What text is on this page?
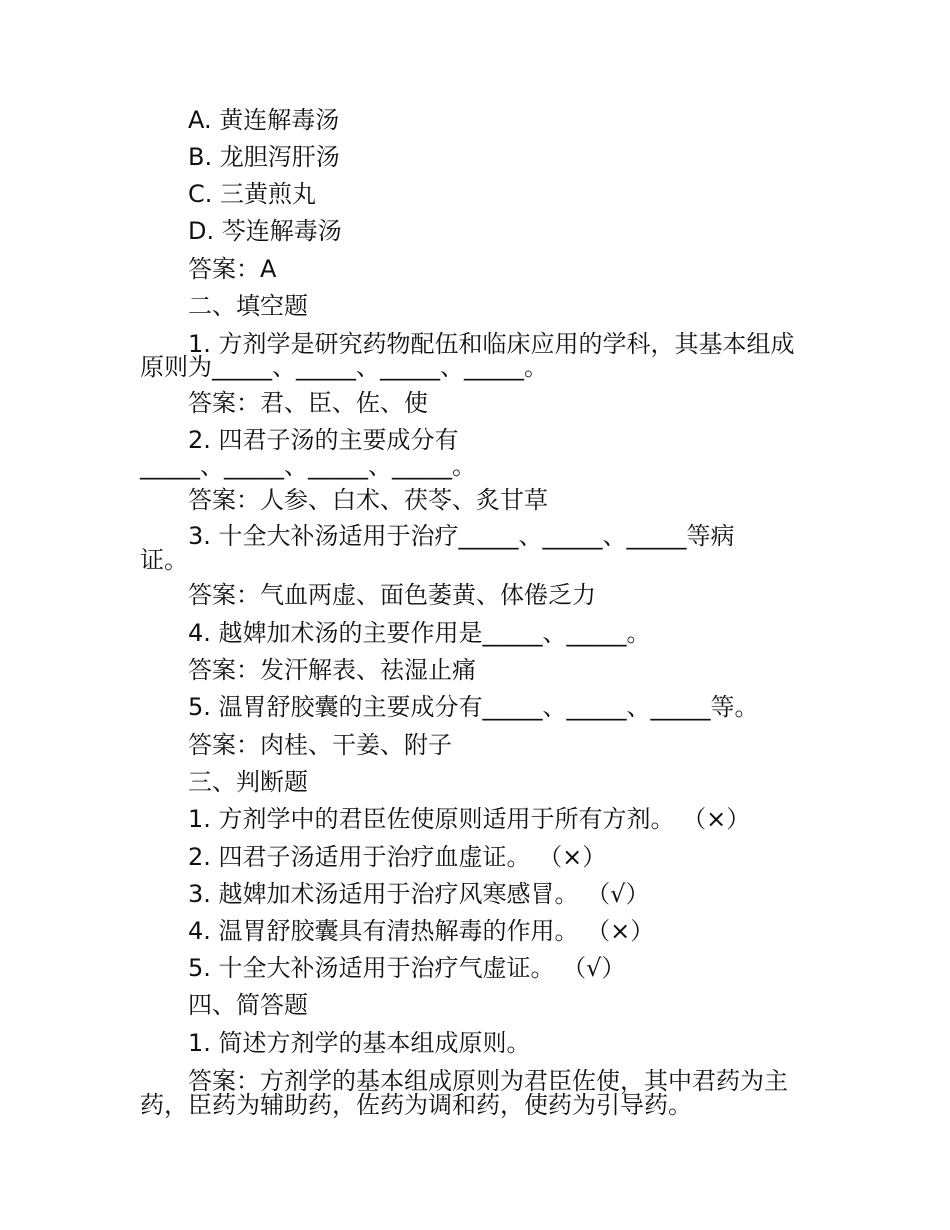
A. 黄连解毒汤

B. 龙胆泻肝汤

C. 三黄煎丸

D. 芩连解毒汤

答案：A

二、填空题

1. 方剂学是研究药物配伍和临床应用的学科，其基本组成

原则为_____、_____、_____、_____。

答案：君、臣、佐、使

2. 四君子汤的主要成分有

_____、_____、_____、_____。

答案：人参、白术、茯苓、炙甘草

3. 十全大补汤适用于治疗_____、_____、_____等病

证。

答案：气血两虚、面色萎黄、体倦乏力

4. 越婢加术汤的主要作用是_____、_____。

答案：发汗解表、祛湿止痛

5. 温胃舒胶囊的主要成分有_____、_____、_____等。

答案：肉桂、干姜、附子

三、判断题

1. 方剂学中的君臣佐使原则适用于所有方剂。 （×）

2. 四君子汤适用于治疗血虚证。 （×）

3. 越婢加术汤适用于治疗风寒感冒。 （√）

4. 温胃舒胶囊具有清热解毒的作用。 （×）

5. 十全大补汤适用于治疗气虚证。 （√）

四、简答题

1. 简述方剂学的基本组成原则。

答案：方剂学的基本组成原则为君臣佐使，其中君药为主

药，臣药为辅助药，佐药为调和药，使药为引导药。
